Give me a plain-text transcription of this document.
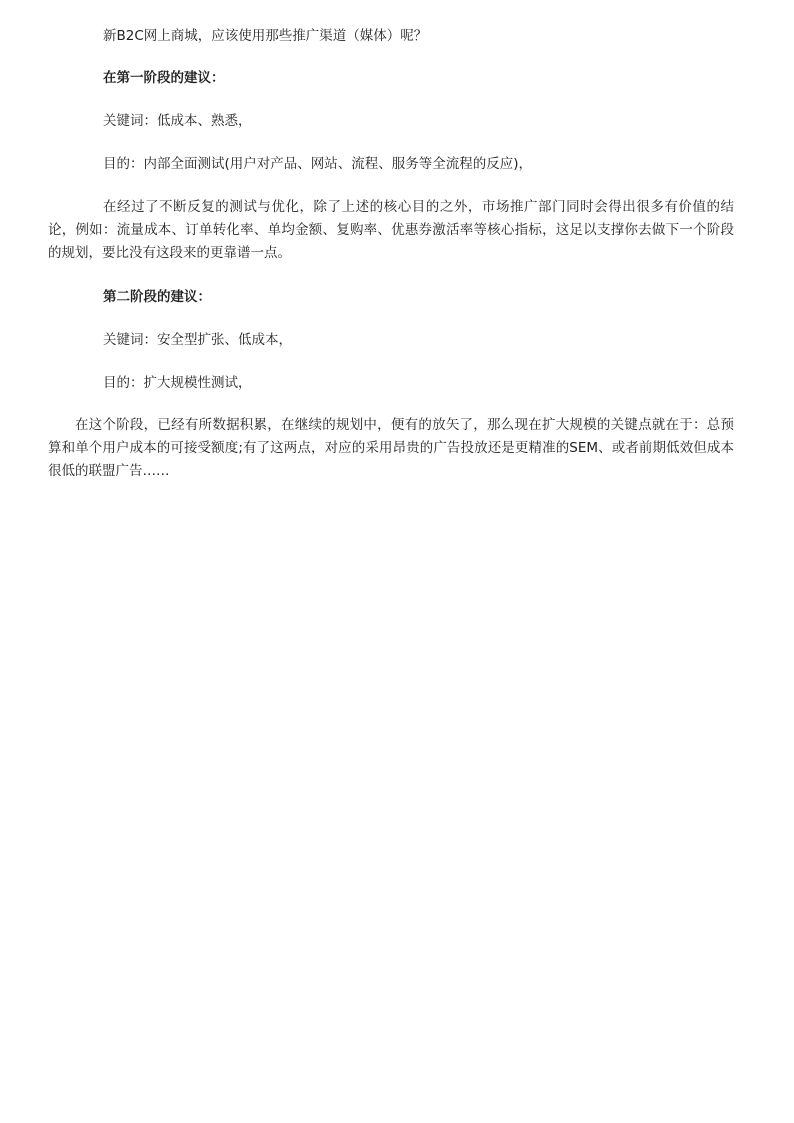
新B2C网上商城，应该使用那些推广渠道（媒体）呢？
在第一阶段的建议：
关键词：低成本、熟悉，
目的：内部全面测试(用户对产品、网站、流程、服务等全流程的反应)，
在经过了不断反复的测试与优化，除了上述的核心目的之外，市场推广部门同时会得出很多有价值的结论，例如：流量成本、订单转化率、单均金额、复购率、优惠券激活率等核心指标，这足以支撑你去做下一个阶段的规划，要比没有这段来的更靠谱一点。
第二阶段的建议：
关键词：安全型扩张、低成本，
目的：扩大规模性测试，
在这个阶段，已经有所数据积累，在继续的规划中，便有的放矢了，那么现在扩大规模的关键点就在于：总预算和单个用户成本的可接受额度;有了这两点，对应的采用昂贵的广告投放还是更精准的SEM、或者前期低效但成本很低的联盟广告……
